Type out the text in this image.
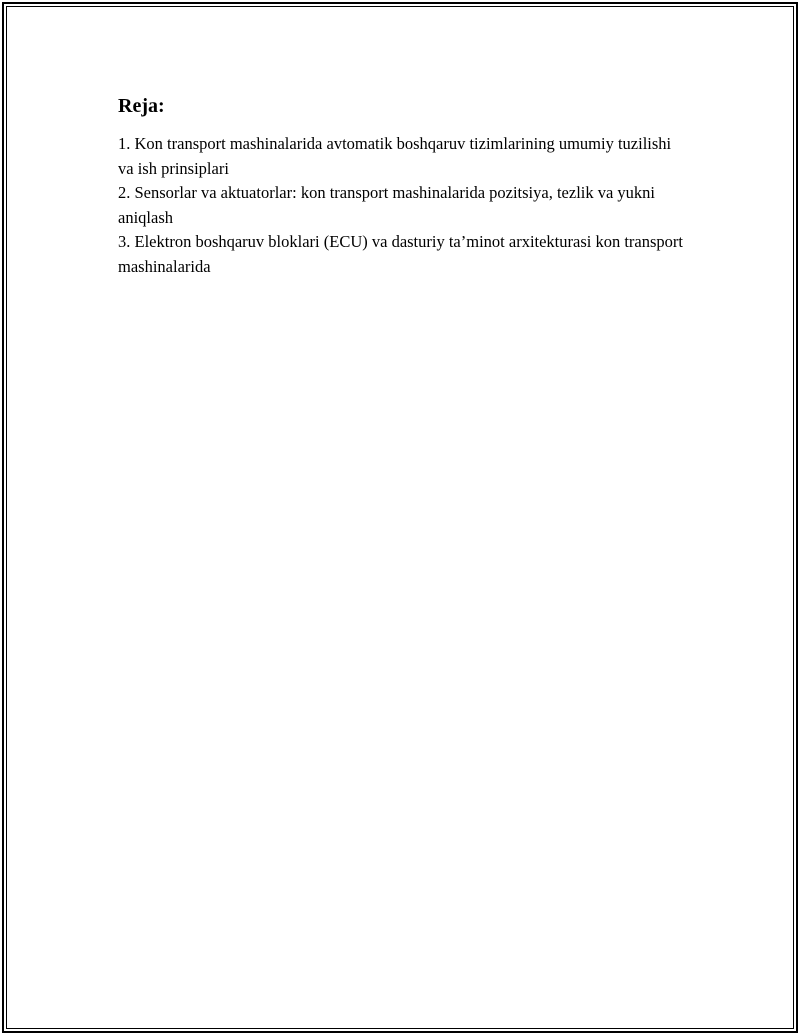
Reja:
1. Kon transport mashinalarida avtomatik boshqaruv tizimlarining umumiy tuzilishi va ish prinsiplari
2. Sensorlar va aktuatorlar: kon transport mashinalarida pozitsiya, tezlik va yukni aniqlash
3. Elektron boshqaruv bloklari (ECU) va dasturiy ta’minot arxitekturasi kon transport mashinalarida
